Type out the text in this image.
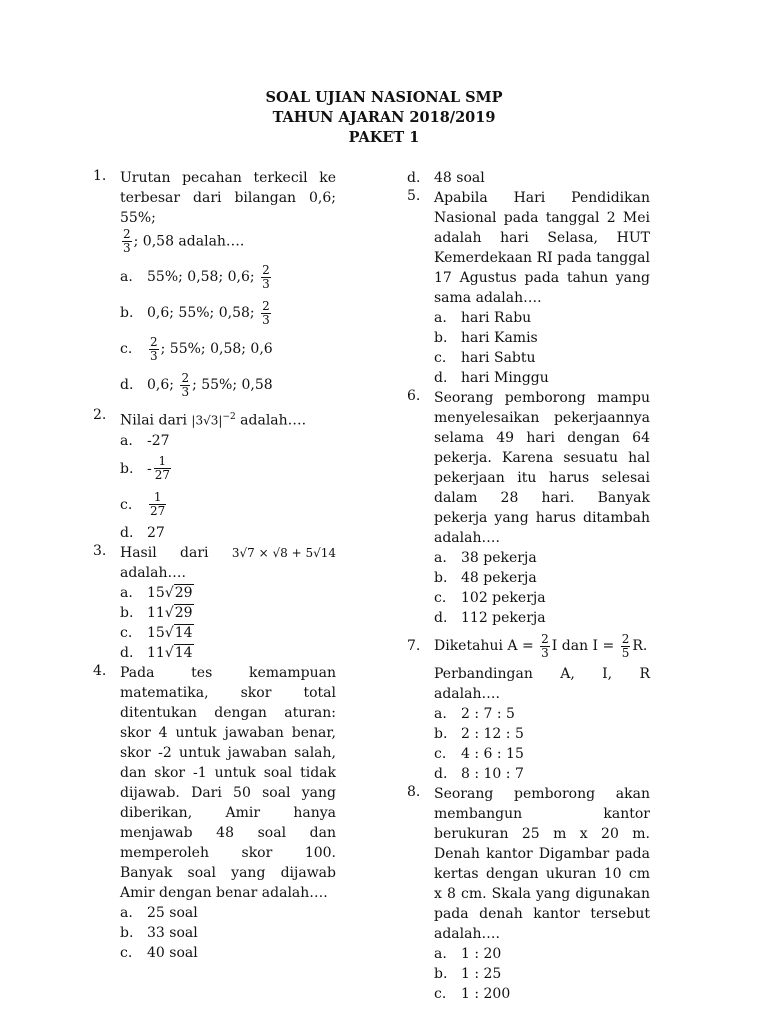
SOAL UJIAN NASIONAL SMP
TAHUN AJARAN 2018/2019
PAKET 1
1. Urutan pecahan terkecil ke terbesar dari bilangan 0,6; 55%;

$\frac{2}{3}$ ; 0,58 adalah….
a. 55%; 0,58; 0,6; $\frac{2}{3}$
b. 0,6; 55%; 0,58; $\frac{2}{3}$
c. $\frac{2}{3}$ ; 55%; 0,58; 0,6
d. 0,6; $\frac{2}{3}$ ; 55%; 0,58
2. Nilai dari $|3√3|^{-2}$ adalah….
a. -27
b. - $\frac{1}{27}$
c. $\frac{1}{27}$
d. 27
3. Hasil dari 3√7 × √8 + 5√14
adalah….
a. 15√29
b. 11√29
c. 15√14
d. 11√14
4. Pada tes kemampuan matematika, skor total ditentukan dengan aturan: skor 4 untuk jawaban benar, skor -2 untuk jawaban salah, dan skor -1 untuk soal tidak dijawab. Dari 50 soal yang diberikan, Amir hanya menjawab 48 soal dan memperoleh skor 100. Banyak soal yang dijawab Amir dengan benar adalah….
a. 25 soal
b. 33 soal
c. 40 soal
d. 48 soal
5. Apabila Hari Pendidikan Nasional pada tanggal 2 Mei adalah hari Selasa, HUT Kemerdekaan RI pada tanggal 17 Agustus pada tahun yang sama adalah….
a. hari Rabu
b. hari Kamis
c. hari Sabtu
d. hari Minggu
6. Seorang pemborong mampu menyelesaikan pekerjaannya selama 49 hari dengan 64 pekerja. Karena sesuatu hal pekerjaan itu harus selesai dalam 28 hari. Banyak pekerja yang harus ditambah adalah….
a. 38 pekerja
b. 48 pekerja
c. 102 pekerja
d. 112 pekerja
7. Diketahui $A = \frac{2}{3}$ I dan $I = \frac{2}{5} R$.
Perbandingan A, I, R adalah….
a. 2 : 7 : 5
b. 2 : 12 : 5
c. 4 : 6 : 15
d. 8 : 10 : 7
8. Seorang pemborong akan membangun kantor berukuran 25 m x 20 m. Denah kantor Digambar pada kertas dengan ukuran 10 cm x 8 cm. Skala yang digunakan pada denah kantor tersebut adalah….
a. 1 : 20
b. 1 : 25
c. 1 : 200
